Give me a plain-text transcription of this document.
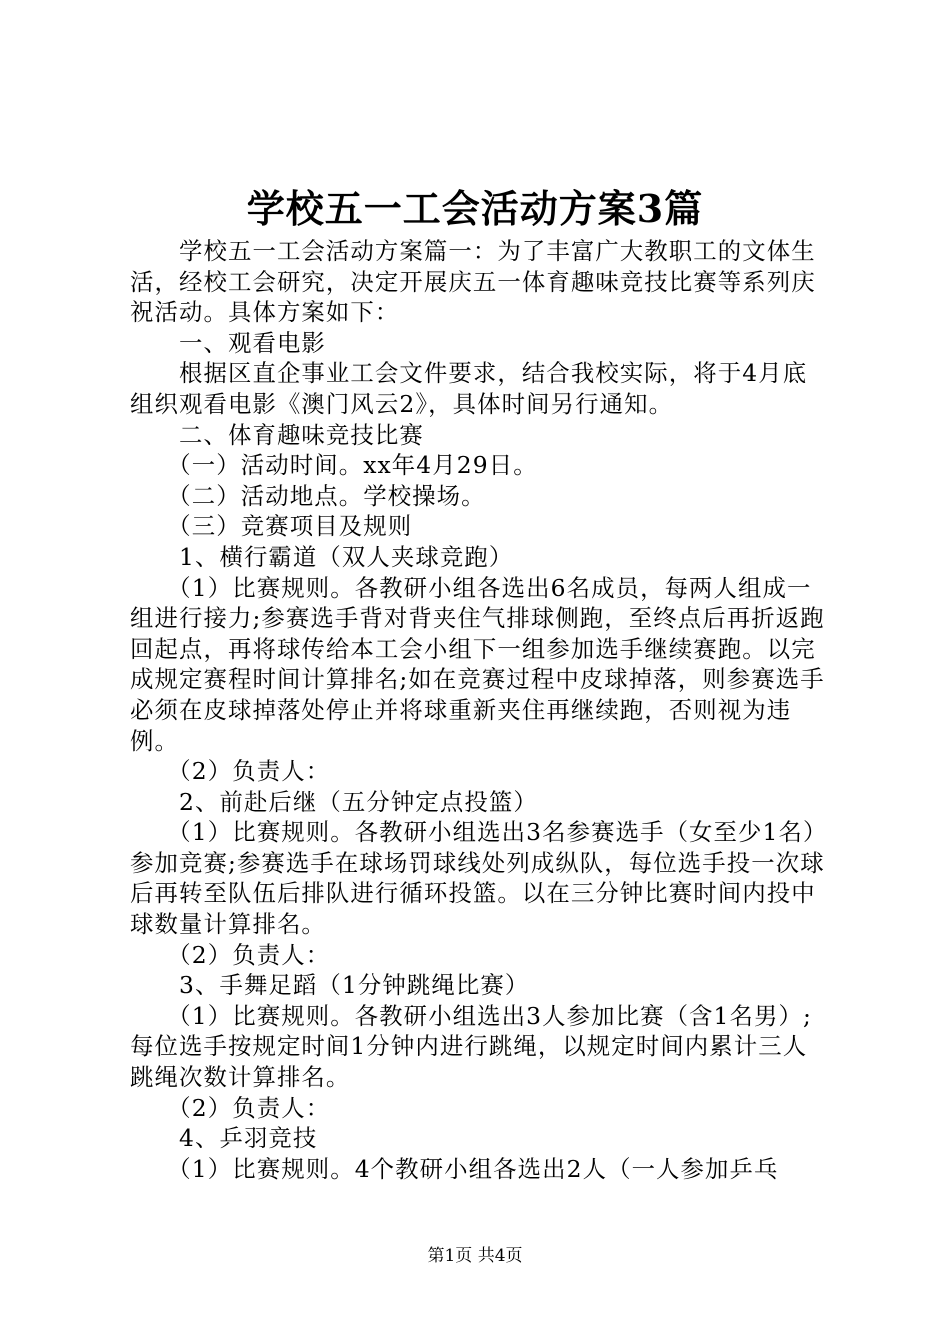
学校五一工会活动方案3篇

　　学校五一工会活动方案篇一：为了丰富广大教职工的文体生活，经校工会研究，决定开展庆五一体育趣味竞技比赛等系列庆祝活动。具体方案如下：

　　一、观看电影

　　根据区直企事业工会文件要求，结合我校实际，将于4月底组织观看电影《澳门风云2》，具体时间另行通知。

　　二、体育趣味竞技比赛

　　（一）活动时间。xx年4月29日。

　　（二）活动地点。学校操场。

　　（三）竞赛项目及规则

　　1、横行霸道（双人夹球竞跑）

　　（1）比赛规则。各教研小组各选出6名成员，每两人组成一组进行接力;参赛选手背对背夹住气排球侧跑，至终点后再折返跑回起点，再将球传给本工会小组下一组参加选手继续赛跑。以完成规定赛程时间计算排名;如在竞赛过程中皮球掉落，则参赛选手必须在皮球掉落处停止并将球重新夹住再继续跑，否则视为违例。

　　（2）负责人：

　　2、前赴后继（五分钟定点投篮）

　　（1）比赛规则。各教研小组选出3名参赛选手（女至少1名）参加竞赛;参赛选手在球场罚球线处列成纵队，每位选手投一次球后再转至队伍后排队进行循环投篮。以在三分钟比赛时间内投中球数量计算排名。

　　（2）负责人：

　　3、手舞足蹈（1分钟跳绳比赛）

　　（1）比赛规则。各教研小组选出3人参加比赛（含1名男）;每位选手按规定时间1分钟内进行跳绳，以规定时间内累计三人跳绳次数计算排名。

　　（2）负责人：

　　4、乒羽竞技

　　（1）比赛规则。4个教研小组各选出2人（一人参加乒乓

第1页 共4页
